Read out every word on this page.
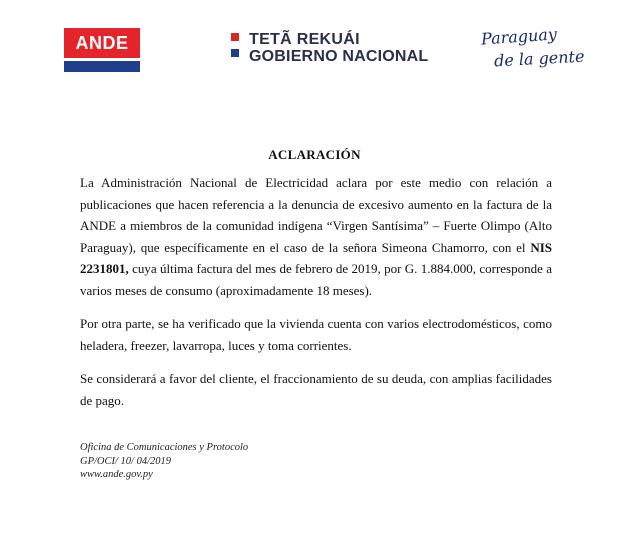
ANDE	TETÃ REKUÁI
GOBIERNO NACIONAL
Paraguay
de la gente
ACLARACIÓN

La Administración Nacional de Electricidad aclara por este medio con relación a publicaciones que hacen referencia a la denuncia de excesivo aumento en la factura de la ANDE a miembros de la comunidad indígena “Virgen Santísima” – Fuerte Olimpo (Alto Paraguay), que específicamente en el caso de la señora Simeona Chamorro, con el NIS 2231801, cuya última factura del mes de febrero de 2019, por G. 1.884.000, corresponde a varios meses de consumo (aproximadamente 18 meses).

Por otra parte, se ha verificado que la vivienda cuenta con varios electrodomésticos, como heladera, freezer, lavarropa, luces y toma corrientes.

Se considerará a favor del cliente, el fraccionamiento de su deuda, con amplias facilidades de pago.

Oficina de Comunicaciones y Protocolo
GP/OCI/ 10/ 04/2019
www.ande.gov.py
